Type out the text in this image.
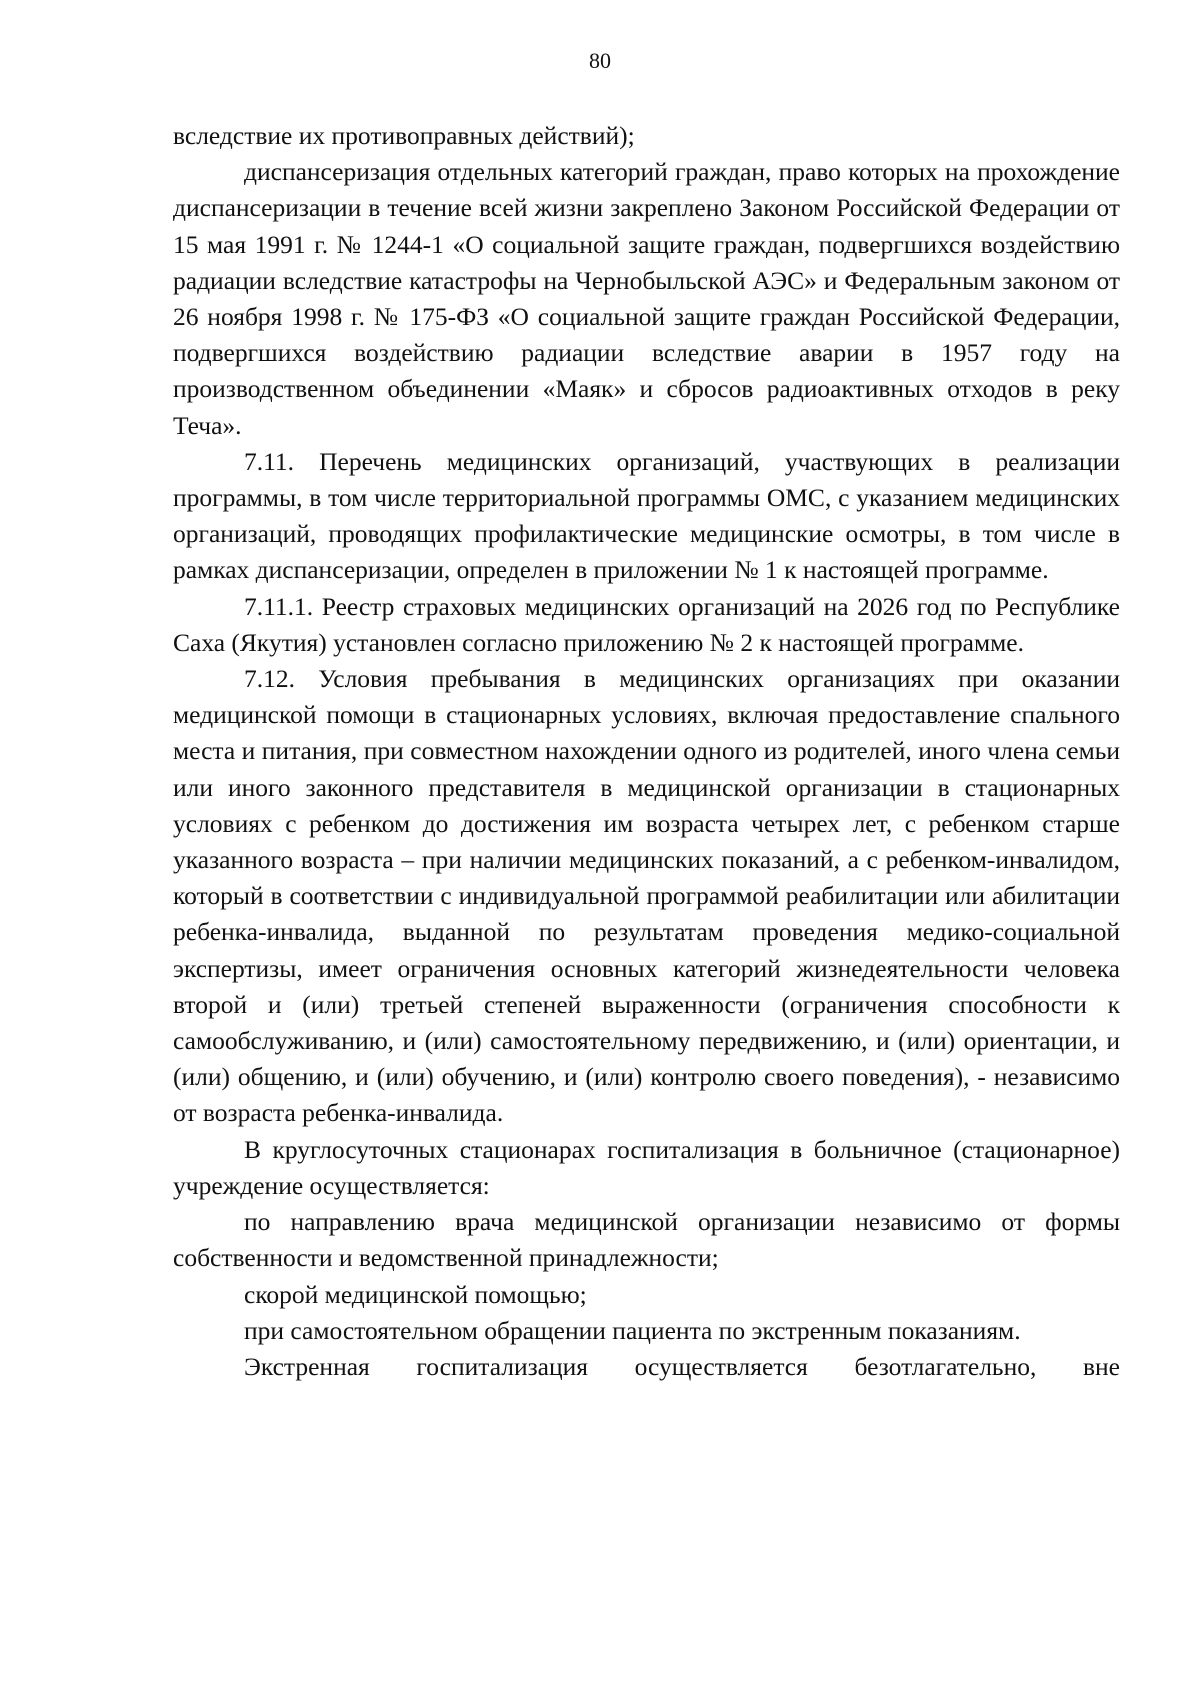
80

вследствие их противоправных действий);

диспансеризация отдельных категорий граждан, право которых на прохождение диспансеризации в течение всей жизни закреплено Законом Российской Федерации от 15 мая 1991 г. № 1244-1 «О социальной защите граждан, подвергшихся воздействию радиации вследствие катастрофы на Чернобыльской АЭС» и Федеральным законом от 26 ноября 1998 г. № 175-ФЗ «О социальной защите граждан Российской Федерации, подвергшихся воздействию радиации вследствие аварии в 1957 году на производственном объединении «Маяк» и сбросов радиоактивных отходов в реку Теча».

7.11. Перечень медицинских организаций, участвующих в реализации программы, в том числе территориальной программы ОМС, с указанием медицинских организаций, проводящих профилактические медицинские осмотры, в том числе в рамках диспансеризации, определен в приложении № 1 к настоящей программе.

7.11.1. Реестр страховых медицинских организаций на 2026 год по Республике Саха (Якутия) установлен согласно приложению № 2 к настоящей программе.

7.12. Условия пребывания в медицинских организациях при оказании медицинской помощи в стационарных условиях, включая предоставление спального места и питания, при совместном нахождении одного из родителей, иного члена семьи или иного законного представителя в медицинской организации в стационарных условиях с ребенком до достижения им возраста четырех лет, с ребенком старше указанного возраста – при наличии медицинских показаний, а с ребенком-инвалидом, который в соответствии с индивидуальной программой реабилитации или абилитации ребенка-инвалида, выданной по результатам проведения медико-социальной экспертизы, имеет ограничения основных категорий жизнедеятельности человека второй и (или) третьей степеней выраженности (ограничения способности к самообслуживанию, и (или) самостоятельному передвижению, и (или) ориентации, и (или) общению, и (или) обучению, и (или) контролю своего поведения), - независимо от возраста ребенка-инвалида.

В круглосуточных стационарах госпитализация в больничное (стационарное) учреждение осуществляется:

по направлению врача медицинской организации независимо от формы собственности и ведомственной принадлежности;

скорой медицинской помощью;

при самостоятельном обращении пациента по экстренным показаниям.

Экстренная госпитализация осуществляется безотлагательно, вне
